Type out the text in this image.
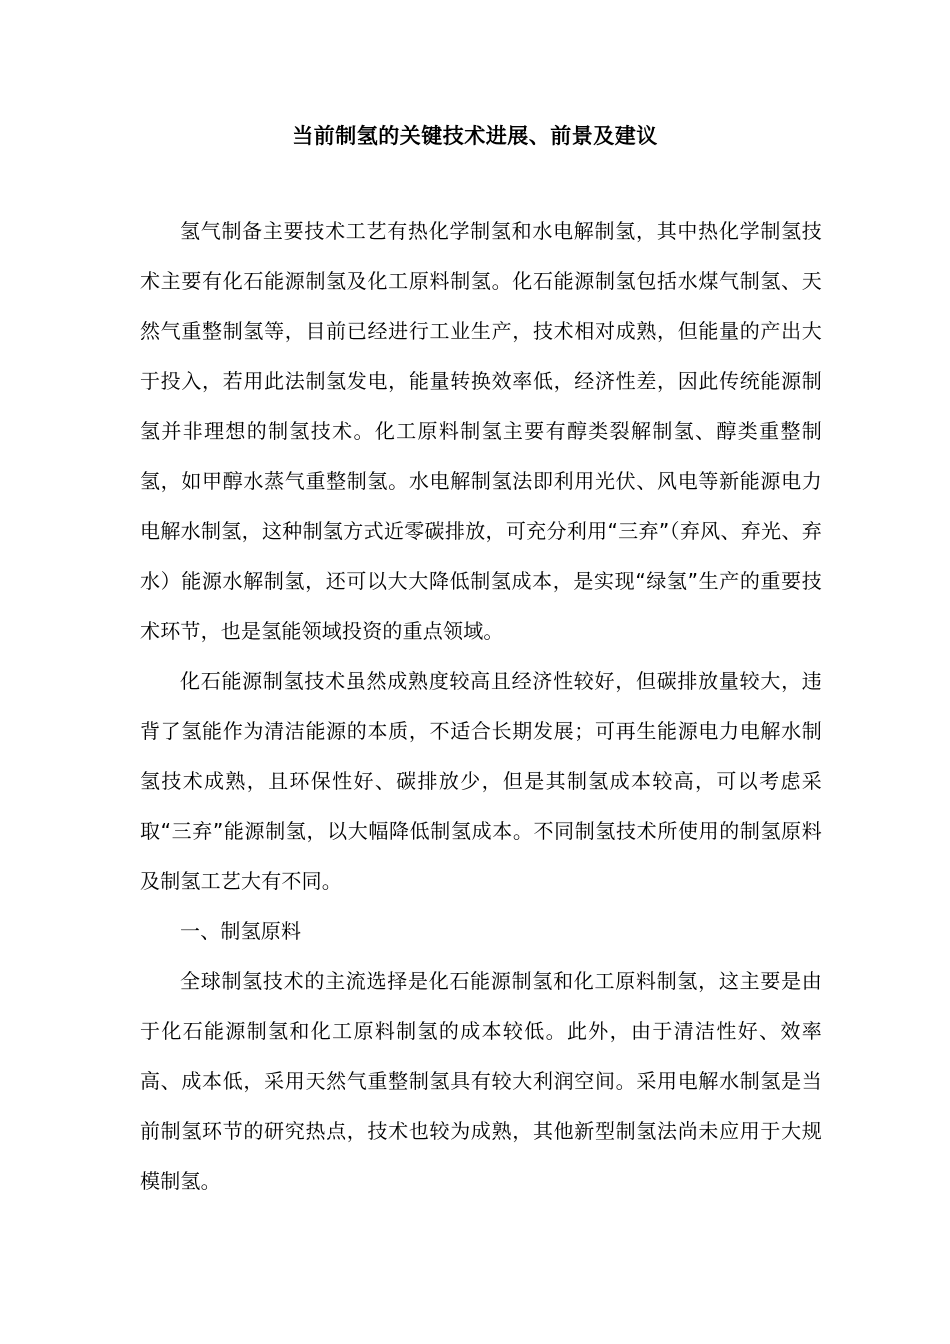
当前制氢的关键技术进展、前景及建议

氢气制备主要技术工艺有热化学制氢和水电解制氢，其中热化学制氢技术主要有化石能源制氢及化工原料制氢。化石能源制氢包括水煤气制氢、天然气重整制氢等，目前已经进行工业生产，技术相对成熟，但能量的产出大于投入，若用此法制氢发电，能量转换效率低，经济性差，因此传统能源制氢并非理想的制氢技术。化工原料制氢主要有醇类裂解制氢、醇类重整制氢，如甲醇水蒸气重整制氢。水电解制氢法即利用光伏、风电等新能源电力电解水制氢，这种制氢方式近零碳排放，可充分利用“三弃”（弃风、弃光、弃水）能源水解制氢，还可以大大降低制氢成本，是实现“绿氢”生产的重要技术环节，也是氢能领域投资的重点领域。

化石能源制氢技术虽然成熟度较高且经济性较好，但碳排放量较大，违背了氢能作为清洁能源的本质，不适合长期发展；可再生能源电力电解水制氢技术成熟，且环保性好、碳排放少，但是其制氢成本较高，可以考虑采取“三弃”能源制氢，以大幅降低制氢成本。不同制氢技术所使用的制氢原料及制氢工艺大有不同。

一、制氢原料

全球制氢技术的主流选择是化石能源制氢和化工原料制氢，这主要是由于化石能源制氢和化工原料制氢的成本较低。此外，由于清洁性好、效率高、成本低，采用天然气重整制氢具有较大利润空间。采用电解水制氢是当前制氢环节的研究热点，技术也较为成熟，其他新型制氢法尚未应用于大规模制氢。
